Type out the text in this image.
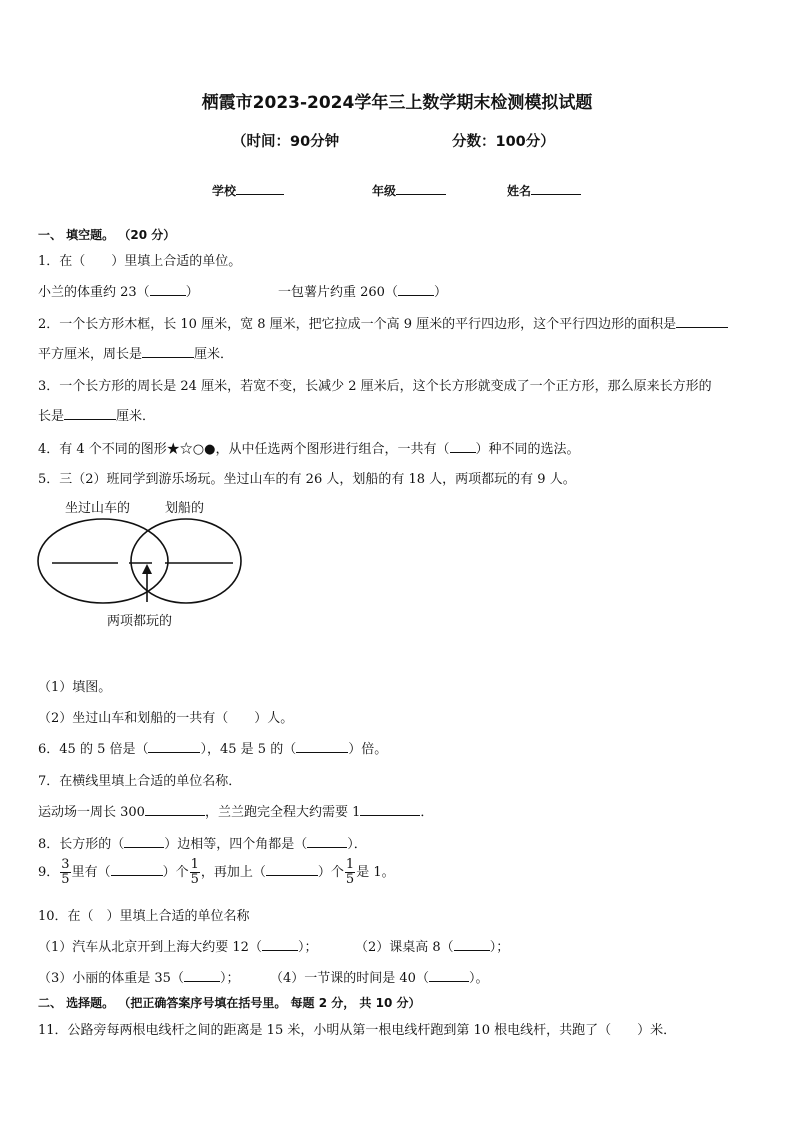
栖霞市2023-2024学年三上数学期末检测模拟试题
（时间：90分钟	分数：100分）
学校	年级	姓名
一、 填空题。 （20 分）
1．在（　　）里填上合适的单位。
小兰的体重约 23（	）	一包薯片约重 260（	）
2．一个长方形木框，长 10 厘米，宽 8 厘米，把它拉成一个高 9 厘米的平行四边形，这个平行四边形的面积是
平方厘米，周长是	厘米．
3．一个长方形的周长是 24 厘米，若宽不变，长减少 2 厘米后，这个长方形就变成了一个正方形，那么原来长方形的
长是	厘米．
4．有 4 个不同的图形★☆○●，从中任选两个图形进行组合，一共有（ ）种不同的选法。
5．三（2）班同学到游乐场玩。坐过山车的有 26 人，划船的有 18 人，两项都玩的有 9 人。
坐过山车的	划船的
两项都玩的
（1）填图。
（2）坐过山车和划船的一共有（　　）人。
6．45 的 5 倍是（	），45 是 5 的（	）倍。
7．在横线里填上合适的单位名称．
运动场一周长 300	，兰兰跑完全程大约需要 1	．
8．长方形的（	）边相等，四个角都是（	）．
9． $\frac{3}{5}$ 里有（	）个 $\frac{1}{5}$ ，再加上（	）个 $\frac{1}{5}$ 是 1。
10．在（　）里填上合适的单位名称
（1）汽车从北京开到上海大约要 12（	）；	（2）课桌高 8（	）；
（3）小丽的体重是 35（	）； （4）一节课的时间是 40（	）。
二、 选择题。 （把正确答案序号填在括号里。 每题 2 分， 共 10 分）
11．公路旁每两根电线杆之间的距离是 15 米，小明从第一根电线杆跑到第 10 根电线杆，共跑了（　　）米．
